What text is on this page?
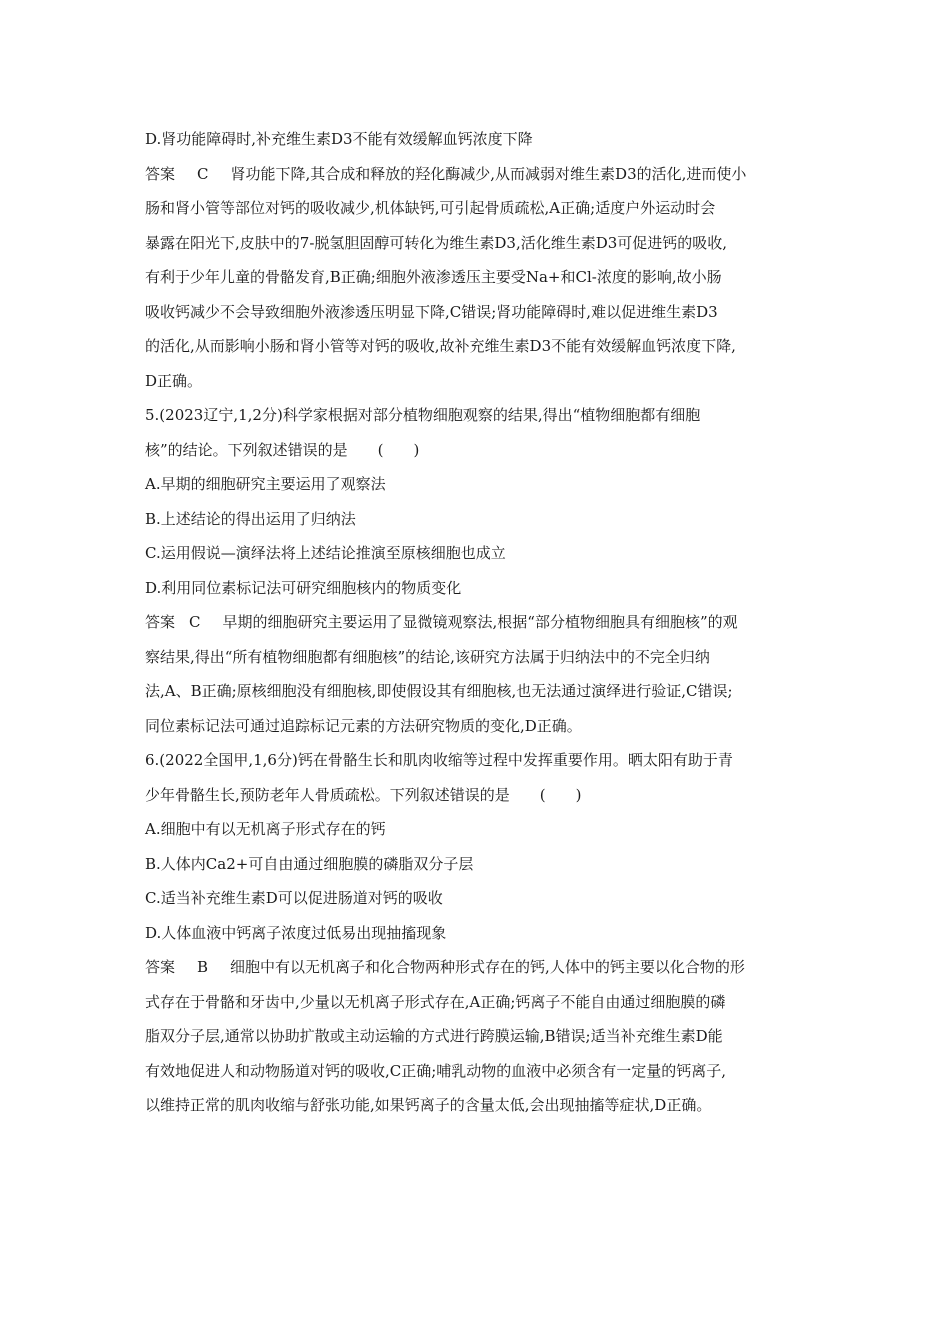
D.肾功能障碍时,补充维生素D3不能有效缓解血钙浓度下降
答案 C 肾功能下降,其合成和释放的羟化酶减少,从而减弱对维生素D3的活化,进而使小
肠和肾小管等部位对钙的吸收减少,机体缺钙,可引起骨质疏松,A正确;适度户外运动时会
暴露在阳光下,皮肤中的7-脱氢胆固醇可转化为维生素D3,活化维生素D3可促进钙的吸收,
有利于少年儿童的骨骼发育,B正确;细胞外液渗透压主要受Na+和Cl-浓度的影响,故小肠
吸收钙减少不会导致细胞外液渗透压明显下降,C错误;肾功能障碍时,难以促进维生素D3
的活化,从而影响小肠和肾小管等对钙的吸收,故补充维生素D3不能有效缓解血钙浓度下降,
D正确。
5.(2023辽宁,1,2分)科学家根据对部分植物细胞观察的结果,得出“植物细胞都有细胞
核”的结论。下列叙述错误的是 (　　)
A.早期的细胞研究主要运用了观察法
B.上述结论的得出运用了归纳法
C.运用假说—演绎法将上述结论推演至原核细胞也成立
D.利用同位素标记法可研究细胞核内的物质变化
答案 C 早期的细胞研究主要运用了显微镜观察法,根据“部分植物细胞具有细胞核”的观
察结果,得出“所有植物细胞都有细胞核”的结论,该研究方法属于归纳法中的不完全归纳
法,A、B正确;原核细胞没有细胞核,即使假设其有细胞核,也无法通过演绎进行验证,C错误;
同位素标记法可通过追踪标记元素的方法研究物质的变化,D正确。
6.(2022全国甲,1,6分)钙在骨骼生长和肌肉收缩等过程中发挥重要作用。晒太阳有助于青
少年骨骼生长,预防老年人骨质疏松。下列叙述错误的是 (　　)
A.细胞中有以无机离子形式存在的钙
B.人体内Ca2+可自由通过细胞膜的磷脂双分子层
C.适当补充维生素D可以促进肠道对钙的吸收
D.人体血液中钙离子浓度过低易出现抽搐现象
答案 B 细胞中有以无机离子和化合物两种形式存在的钙,人体中的钙主要以化合物的形
式存在于骨骼和牙齿中,少量以无机离子形式存在,A正确;钙离子不能自由通过细胞膜的磷
脂双分子层,通常以协助扩散或主动运输的方式进行跨膜运输,B错误;适当补充维生素D能
有效地促进人和动物肠道对钙的吸收,C正确;哺乳动物的血液中必须含有一定量的钙离子,
以维持正常的肌肉收缩与舒张功能,如果钙离子的含量太低,会出现抽搐等症状,D正确。
